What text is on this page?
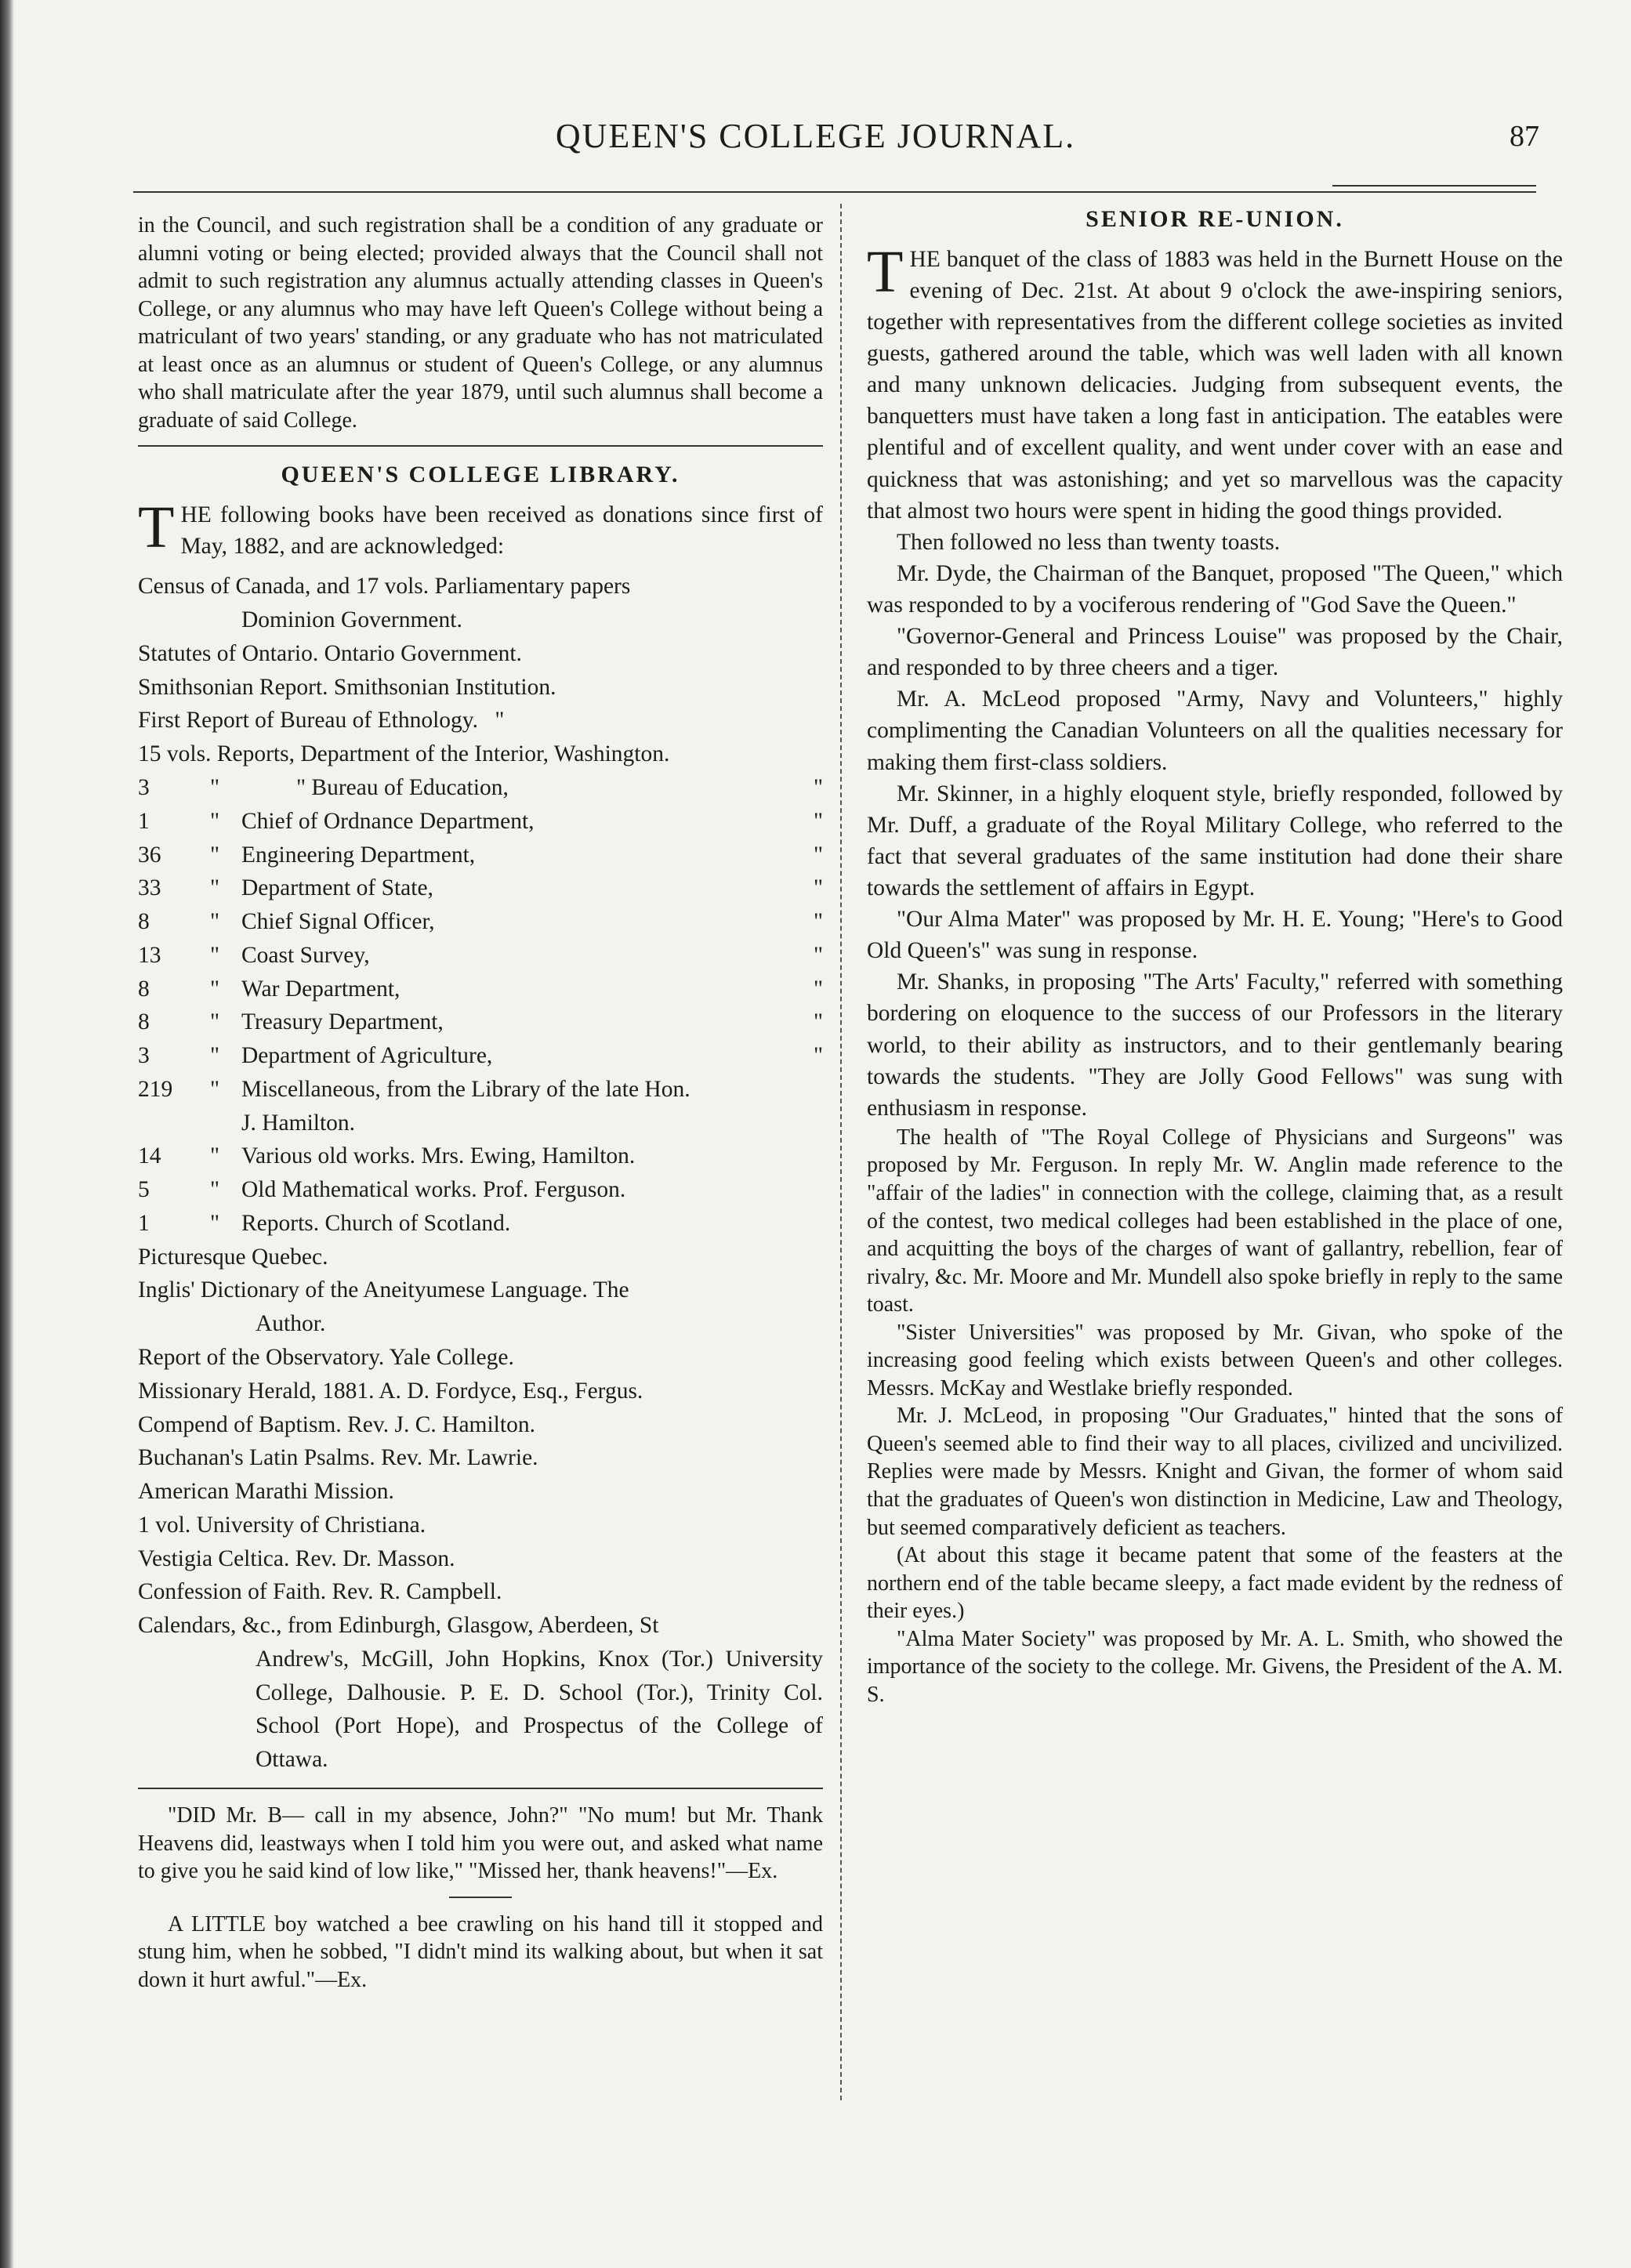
QUEEN'S COLLEGE JOURNAL.	87

in the Council, and such registration shall be a condition of any graduate or alumni voting or being elected; provided always that the Council shall not admit to such registration any alumnus actually attending classes in Queen's College, or any alumnus who may have left Queen's College without being a matriculant of two years' standing, or any graduate who has not matriculated at least once as an alumnus or student of Queen's College, or any alumnus who shall matriculate after the year 1879, until such alumnus shall become a graduate of said College.

QUEEN'S COLLEGE LIBRARY.

THE following books have been received as donations since first of May, 1882, and are acknowledged:

Census of Canada, and 17 vols. Parliamentary papers
Dominion Government.
Statutes of Ontario. Ontario Government.
Smithsonian Report. Smithsonian Institution.
First Report of Bureau of Ethnology. "
15 vols. Reports, Department of the Interior, Washington.
3	"	" Bureau of Education,	"
1	" Chief of Ordnance Department,	"
36	" Engineering Department,	"
33	" Department of State,	"
8	" Chief Signal Officer,	"
13	" Coast Survey,	"
8	" War Department,	"
8	" Treasury Department,	"
3	" Department of Agriculture,	"
219	" Miscellaneous, from the Library of the late Hon.
J. Hamilton.
14	" Various old works. Mrs. Ewing, Hamilton.
5	" Old Mathematical works. Prof. Ferguson.
1	" Reports. Church of Scotland.
Picturesque Quebec.
Inglis' Dictionary of the Aneityumese Language. The
Author.
Report of the Observatory. Yale College.
Missionary Herald, 1881. A. D. Fordyce, Esq., Fergus.
Compend of Baptism. Rev. J. C. Hamilton.
Buchanan's Latin Psalms. Rev. Mr. Lawrie.
American Marathi Mission.
1 vol. University of Christiana.
Vestigia Celtica. Rev. Dr. Masson.
Confession of Faith. Rev. R. Campbell.
Calendars, &c., from Edinburgh, Glasgow, Aberdeen, St
Andrew's, McGill, John Hopkins, Knox (Tor.) University College, Dalhousie. P. E. D. School (Tor.), Trinity Col. School (Port Hope), and Prospectus of the College of Ottawa.

"DID Mr. B— call in my absence, John?" "No mum! but Mr. Thank Heavens did, leastways when I told him you were out, and asked what name to give you he said kind of low like," "Missed her, thank heavens!"—Ex.

A LITTLE boy watched a bee crawling on his hand till it stopped and stung him, when he sobbed, "I didn't mind its walking about, but when it sat down it hurt awful."—Ex.

SENIOR RE-UNION.

THE banquet of the class of 1883 was held in the Burnett House on the evening of Dec. 21st. At about 9 o'clock the awe-inspiring seniors, together with representatives from the different college societies as invited guests, gathered around the table, which was well laden with all known and many unknown delicacies. Judging from subsequent events, the banquetters must have taken a long fast in anticipation. The eatables were plentiful and of excellent quality, and went under cover with an ease and quickness that was astonishing; and yet so marvellous was the capacity that almost two hours were spent in hiding the good things provided.

Then followed no less than twenty toasts.

Mr. Dyde, the Chairman of the Banquet, proposed "The Queen," which was responded to by a vociferous rendering of "God Save the Queen."

"Governor-General and Princess Louise" was proposed by the Chair, and responded to by three cheers and a tiger.

Mr. A. McLeod proposed "Army, Navy and Volunteers," highly complimenting the Canadian Volunteers on all the qualities necessary for making them first-class soldiers.

Mr. Skinner, in a highly eloquent style, briefly responded, followed by Mr. Duff, a graduate of the Royal Military College, who referred to the fact that several graduates of the same institution had done their share towards the settlement of affairs in Egypt.

"Our Alma Mater" was proposed by Mr. H. E. Young; "Here's to Good Old Queen's" was sung in response.

Mr. Shanks, in proposing "The Arts' Faculty," referred with something bordering on eloquence to the success of our Professors in the literary world, to their ability as instructors, and to their gentlemanly bearing towards the students. "They are Jolly Good Fellows" was sung with enthusiasm in response.

The health of "The Royal College of Physicians and Surgeons" was proposed by Mr. Ferguson. In reply Mr. W. Anglin made reference to the "affair of the ladies" in connection with the college, claiming that, as a result of the contest, two medical colleges had been established in the place of one, and acquitting the boys of the charges of want of gallantry, rebellion, fear of rivalry, &c. Mr. Moore and Mr. Mundell also spoke briefly in reply to the same toast.

"Sister Universities" was proposed by Mr. Givan, who spoke of the increasing good feeling which exists between Queen's and other colleges. Messrs. McKay and Westlake briefly responded.

Mr. J. McLeod, in proposing "Our Graduates," hinted that the sons of Queen's seemed able to find their way to all places, civilized and uncivilized. Replies were made by Messrs. Knight and Givan, the former of whom said that the graduates of Queen's won distinction in Medicine, Law and Theology, but seemed comparatively deficient as teachers.

(At about this stage it became patent that some of the feasters at the northern end of the table became sleepy, a fact made evident by the redness of their eyes.)

"Alma Mater Society" was proposed by Mr. A. L. Smith, who showed the importance of the society to the college. Mr. Givens, the President of the A. M. S.
